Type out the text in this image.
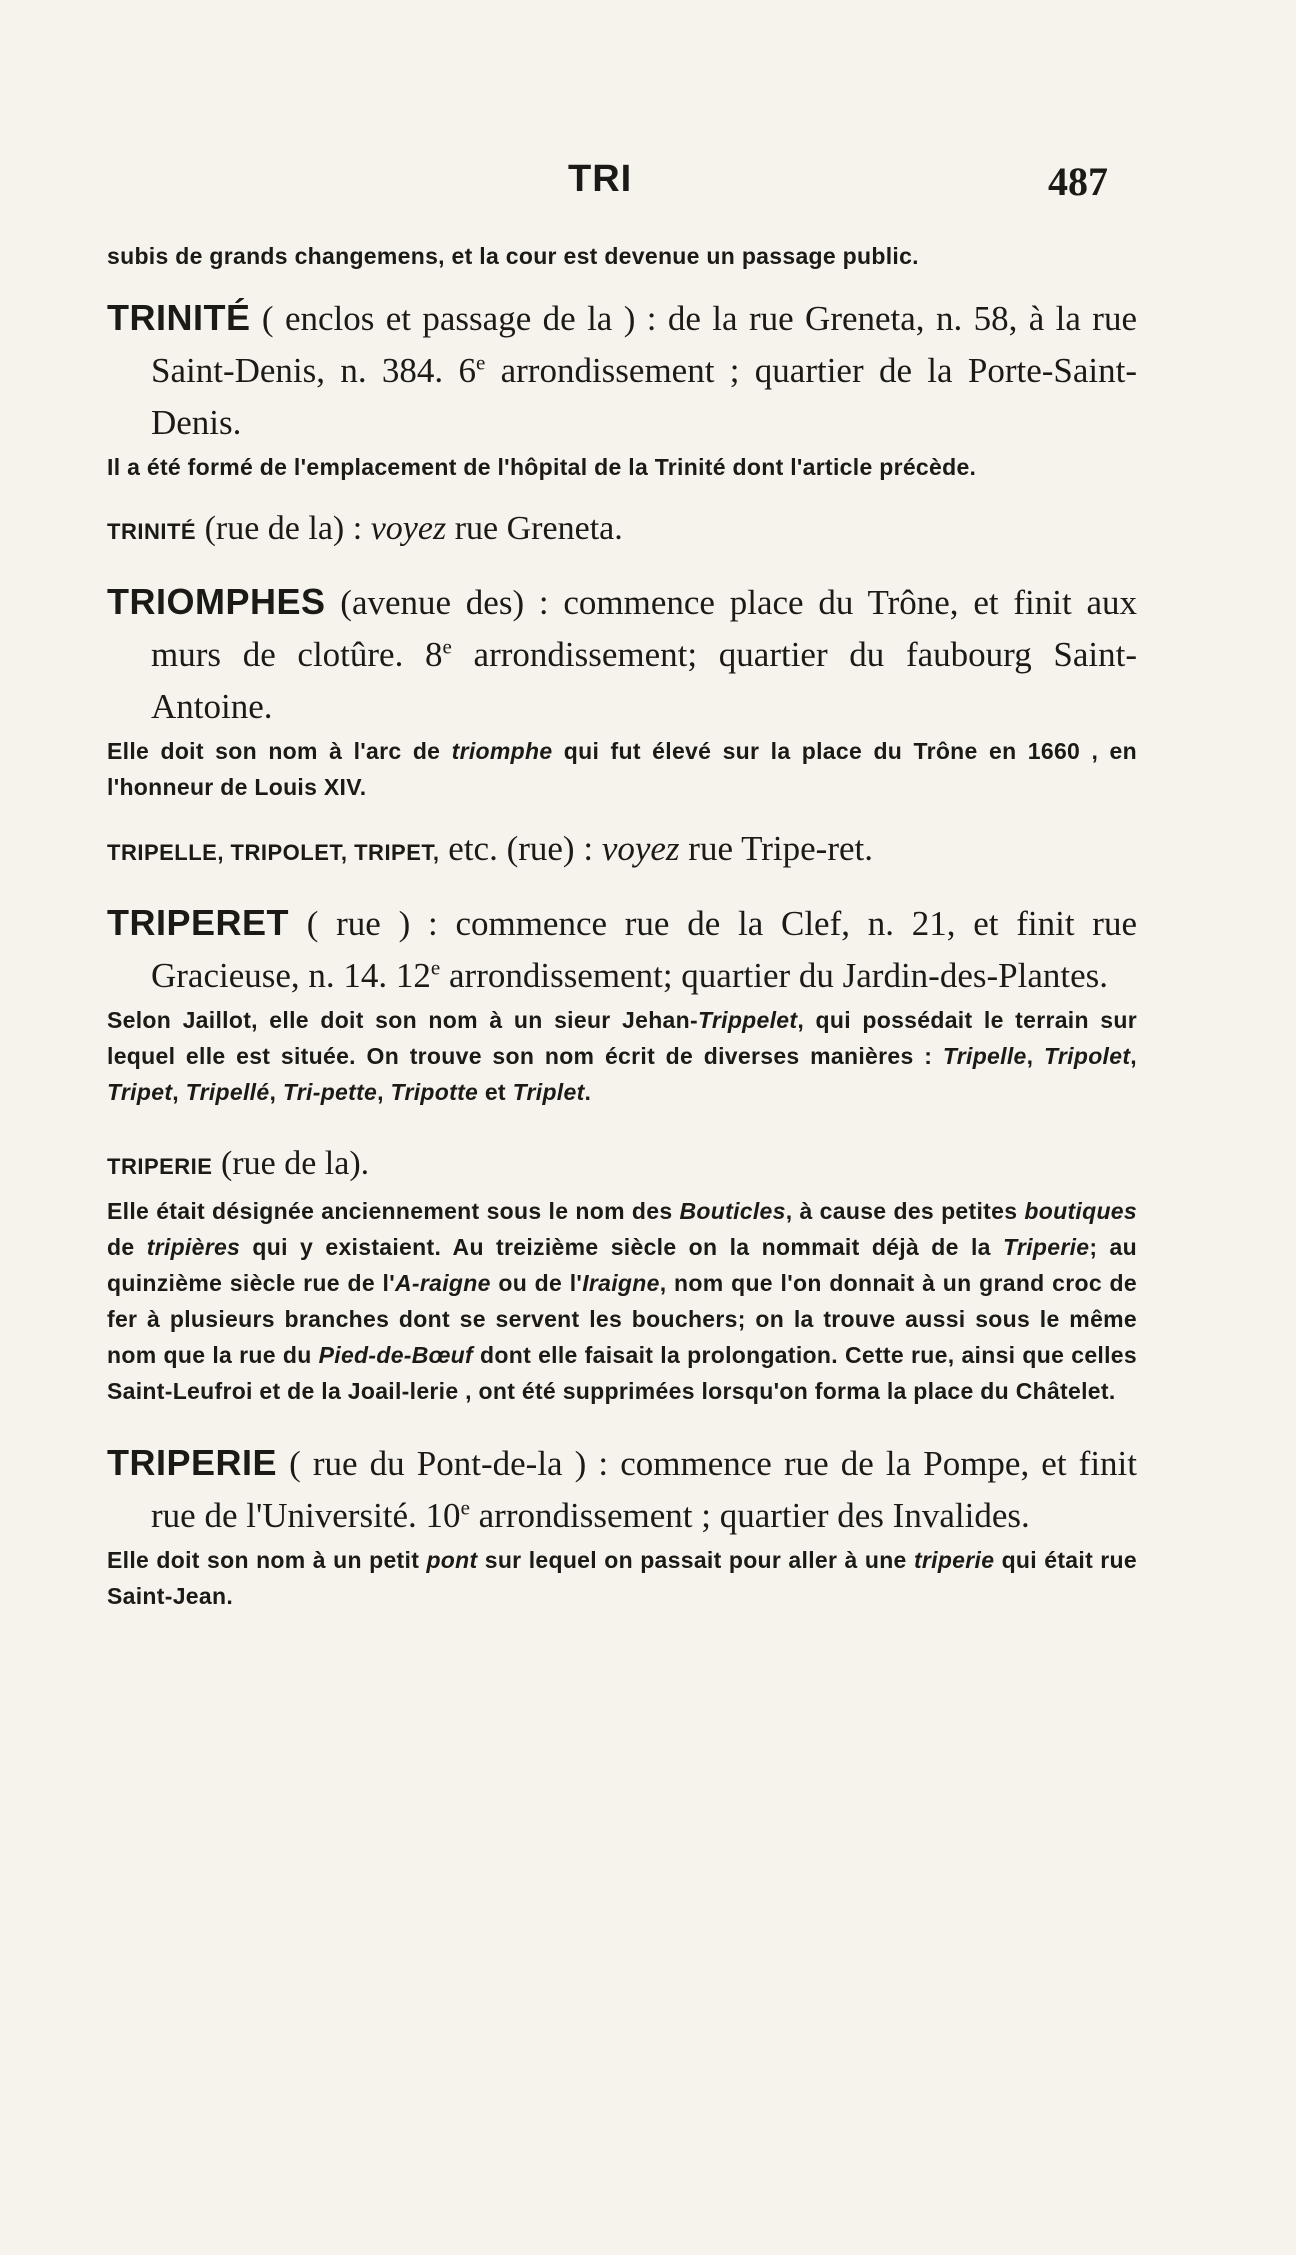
TRI	487

subis de grands changemens, et la cour est devenue un passage public.

TRINITÉ ( enclos et passage de la ) : de la rue Greneta, n. 58, à la rue Saint-Denis, n. 384. 6e arrondissement ; quartier de la Porte-Saint-Denis.

Il a été formé de l'emplacement de l'hôpital de la Trinité dont l'article précède.

TRINITÉ (rue de la) : voyez rue Greneta.

TRIOMPHES (avenue des) : commence place du Trône, et finit aux murs de clotûre. 8e arrondissement; quartier du faubourg Saint-Antoine.

Elle doit son nom à l'arc de triomphe qui fut élevé sur la place du Trône en 1660 , en l'honneur de Louis XIV.

TRIPELLE, TRIPOLET, TRIPET, etc. (rue) : voyez rue Tripe-ret.

TRIPERET ( rue ) : commence rue de la Clef, n. 21, et finit rue Gracieuse, n. 14. 12e arrondissement; quartier du Jardin-des-Plantes.

Selon Jaillot, elle doit son nom à un sieur Jehan-Trippelet, qui possédait le terrain sur lequel elle est située. On trouve son nom écrit de diverses manières : Tripelle, Tripolet, Tripet, Tripellé, Tri-pette, Tripotte et Triplet.

TRIPERIE (rue de la).

Elle était désignée anciennement sous le nom des Bouticles, à cause des petites boutiques de tripières qui y existaient. Au treizième siècle on la nommait déjà de la Triperie; au quinzième siècle rue de l'A-raigne ou de l'Iraigne, nom que l'on donnait à un grand croc de fer à plusieurs branches dont se servent les bouchers; on la trouve aussi sous le même nom que la rue du Pied-de-Bœuf dont elle faisait la prolongation. Cette rue, ainsi que celles Saint-Leufroi et de la Joail-lerie , ont été supprimées lorsqu'on forma la place du Châtelet.

TRIPERIE ( rue du Pont-de-la ) : commence rue de la Pompe, et finit rue de l'Université. 10e arrondissement ; quartier des Invalides.

Elle doit son nom à un petit pont sur lequel on passait pour aller à une triperie qui était rue Saint-Jean.
